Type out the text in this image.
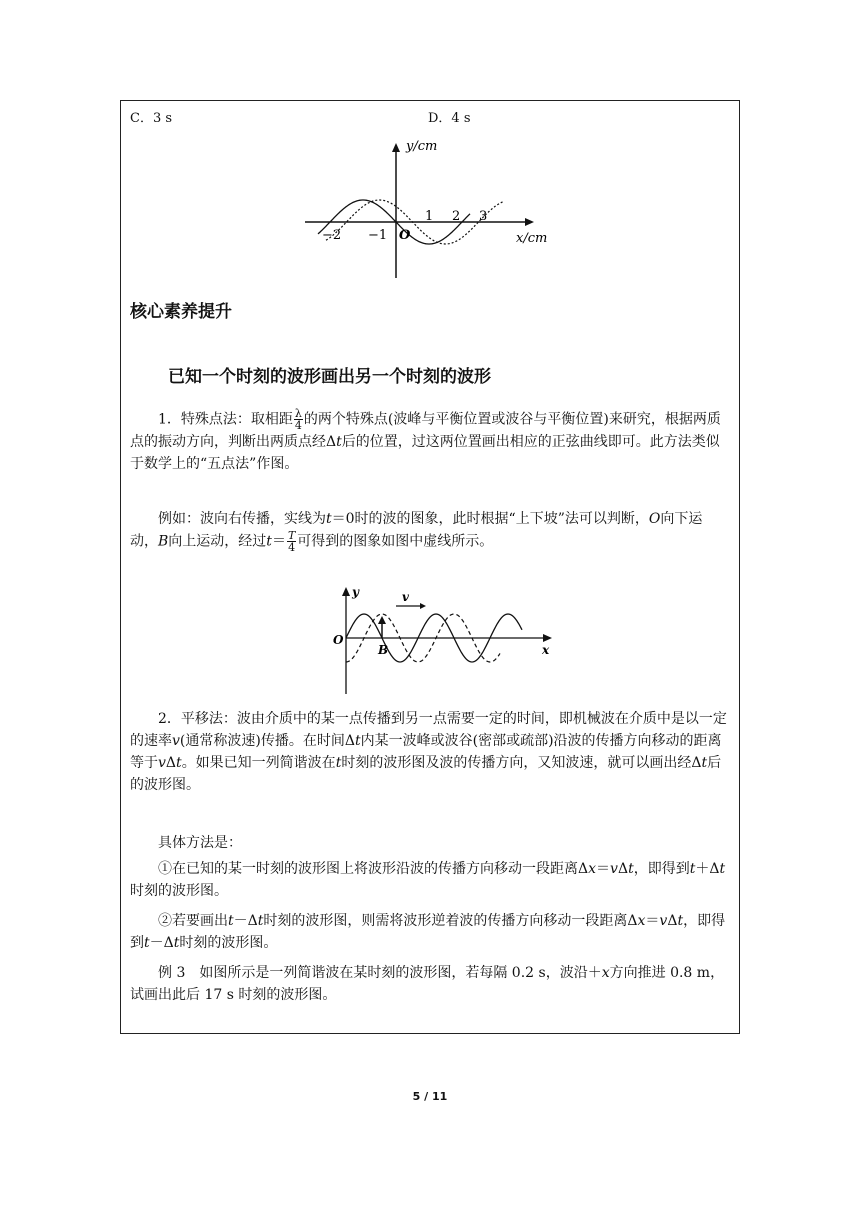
C．3 s	D．4 s
y/cm
x/cm
O
−2 −1
1 2 3
核心素养提升
已知一个时刻的波形画出另一个时刻的波形
1．特殊点法：取相距 $\frac{\lambda}{4}$ 的两个特殊点(波峰与平衡位置或波谷与平衡位置)来研究，根据两质点的振动方向，判断出两质点经Δt后的位置，过这两位置画出相应的正弦曲线即可。此方法类似于数学上的“五点法”作图。
例如：波向右传播，实线为t＝0时的波的图象，此时根据“上下坡”法可以判断，O向下运动，B向上运动，经过$t= \frac{T}{4}$ 可得到的图象如图中虚线所示。
y
x
O
B
v
2．平移法：波由介质中的某一点传播到另一点需要一定的时间，即机械波在介质中是以一定的速率v(通常称波速)传播。在时间Δt内某一波峰或波谷(密部或疏部)沿波的传播方向移动的距离等于vΔt。如果已知一列简谐波在t时刻的波形图及波的传播方向，又知波速，就可以画出经Δt后的波形图。
具体方法是：
①在已知的某一时刻的波形图上将波形沿波的传播方向移动一段距离Δx＝vΔt，即得到t＋Δt时刻的波形图。
②若要画出t－Δt时刻的波形图，则需将波形逆着波的传播方向移动一段距离Δx＝vΔt，即得到t－Δt时刻的波形图。
例 3　如图所示是一列简谐波在某时刻的波形图，若每隔 0.2 s，波沿＋x方向推进 0.8 m，试画出此后 17 s 时刻的波形图。
5 / 11
